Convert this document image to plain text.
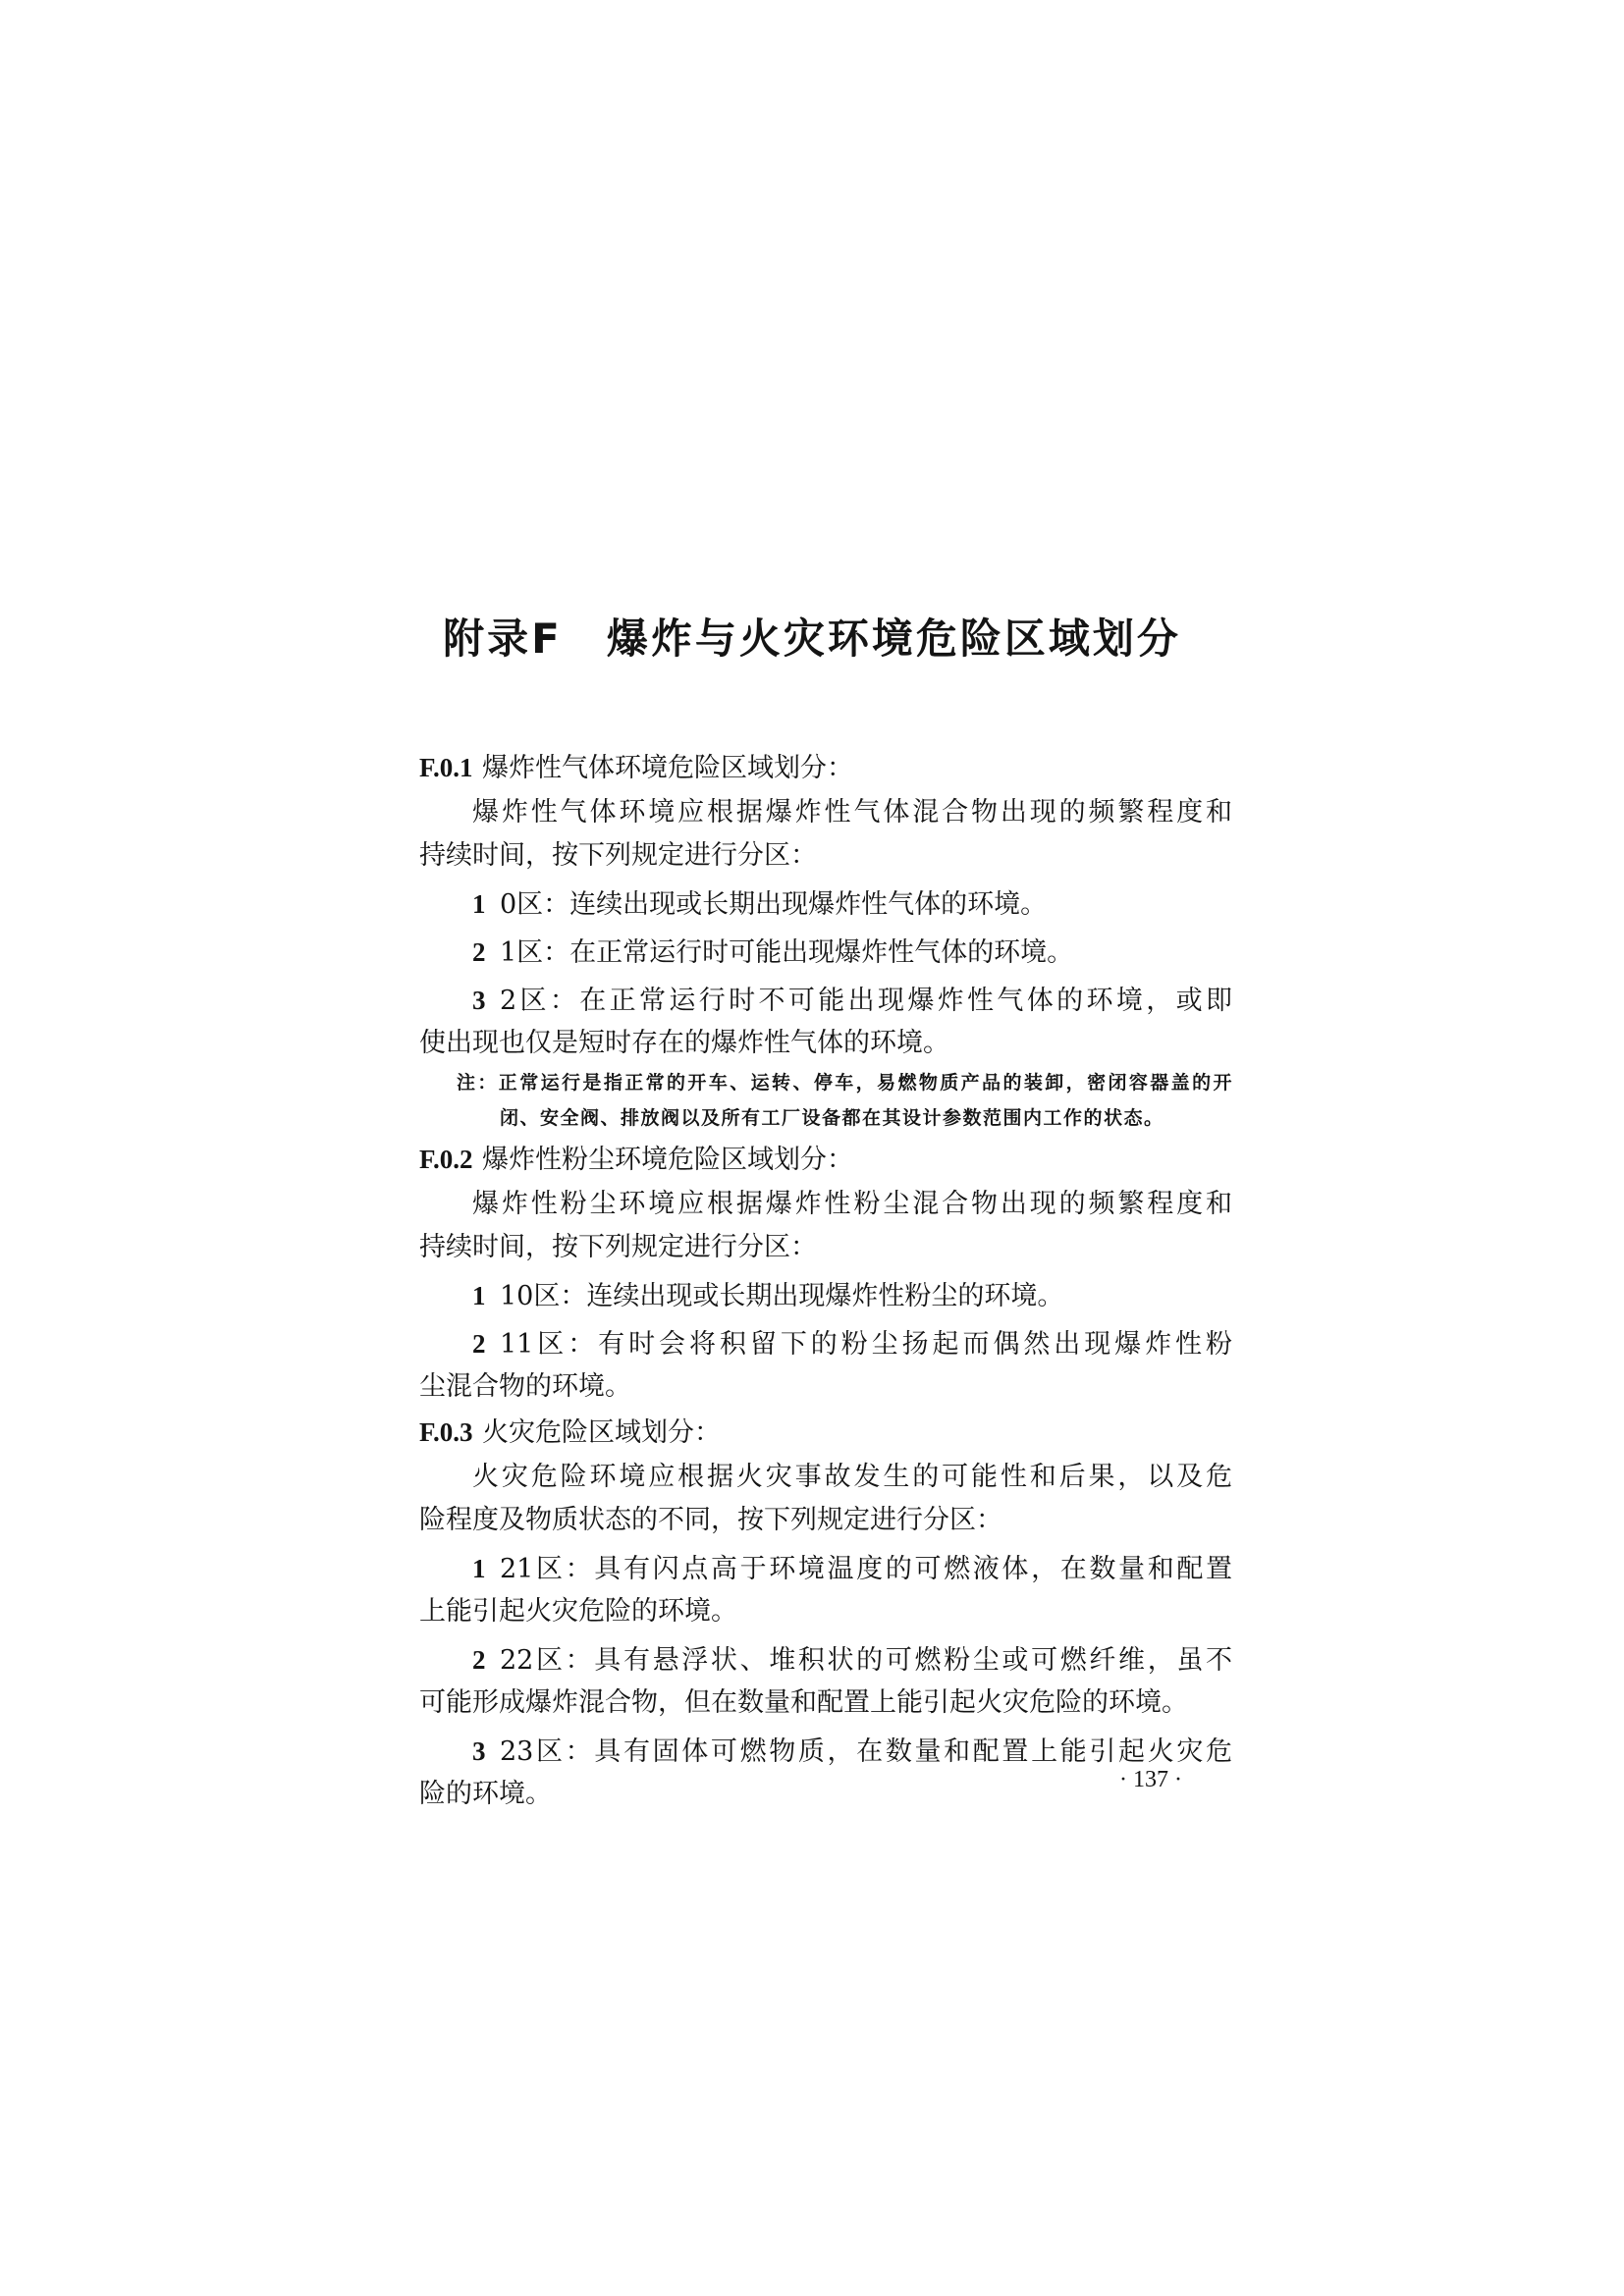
附录F　爆炸与火灾环境危险区域划分
F.0.1 爆炸性气体环境危险区域划分：
爆炸性气体环境应根据爆炸性气体混合物出现的频繁程度和
持续时间，按下列规定进行分区：
1 0区：连续出现或长期出现爆炸性气体的环境。
2 1区：在正常运行时可能出现爆炸性气体的环境。
3 2区：在正常运行时不可能出现爆炸性气体的环境，或即
使出现也仅是短时存在的爆炸性气体的环境。
注：正常运行是指正常的开车、运转、停车，易燃物质产品的装卸，密闭容器盖的开
闭、安全阀、排放阀以及所有工厂设备都在其设计参数范围内工作的状态。
F.0.2 爆炸性粉尘环境危险区域划分：
爆炸性粉尘环境应根据爆炸性粉尘混合物出现的频繁程度和
持续时间，按下列规定进行分区：
1 10区：连续出现或长期出现爆炸性粉尘的环境。
2 11区：有时会将积留下的粉尘扬起而偶然出现爆炸性粉
尘混合物的环境。
F.0.3 火灾危险区域划分：
火灾危险环境应根据火灾事故发生的可能性和后果，以及危
险程度及物质状态的不同，按下列规定进行分区：
1 21区：具有闪点高于环境温度的可燃液体，在数量和配置
上能引起火灾危险的环境。
2 22区：具有悬浮状、堆积状的可燃粉尘或可燃纤维，虽不
可能形成爆炸混合物，但在数量和配置上能引起火灾危险的环境。
3 23区：具有固体可燃物质，在数量和配置上能引起火灾危
险的环境。	· 137 ·
